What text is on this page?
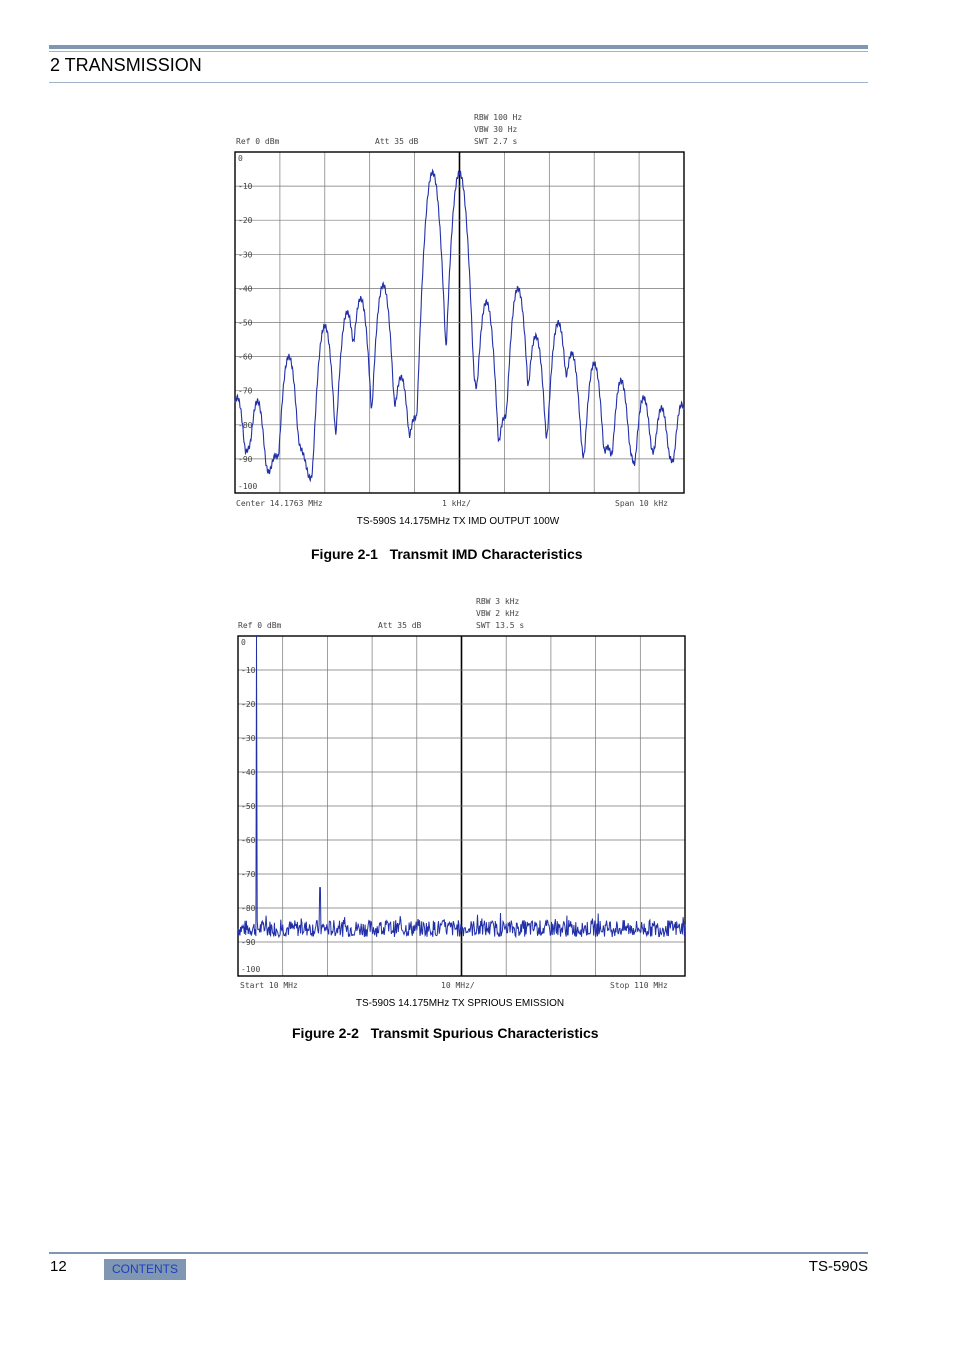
2 TRANSMISSION
RBW 100 Hz
VBW 30 Hz
SWT 2.7 s
Ref 0 dBm	Att 35 dB
0
-10
-20
-30
-40
-50
-60
-70
-80
-90
-100
Center 14.1763 MHz	1 kHz/	Span 10 kHz
TS-590S 14.175MHz TX IMD OUTPUT 100W
Figure 2-1   Transmit IMD Characteristics
RBW 3 kHz
VBW 2 kHz
SWT 13.5 s
Ref 0 dBm	Att 35 dB
0
-10
-20
-30
-40
-50
-60
-70
-80
-90
-100
Start 10 MHz	10 MHz/	Stop 110 MHz
TS-590S 14.175MHz TX SPRIOUS EMISSION
Figure 2-2   Transmit Spurious Characteristics
12	CONTENTS	TS-590S
